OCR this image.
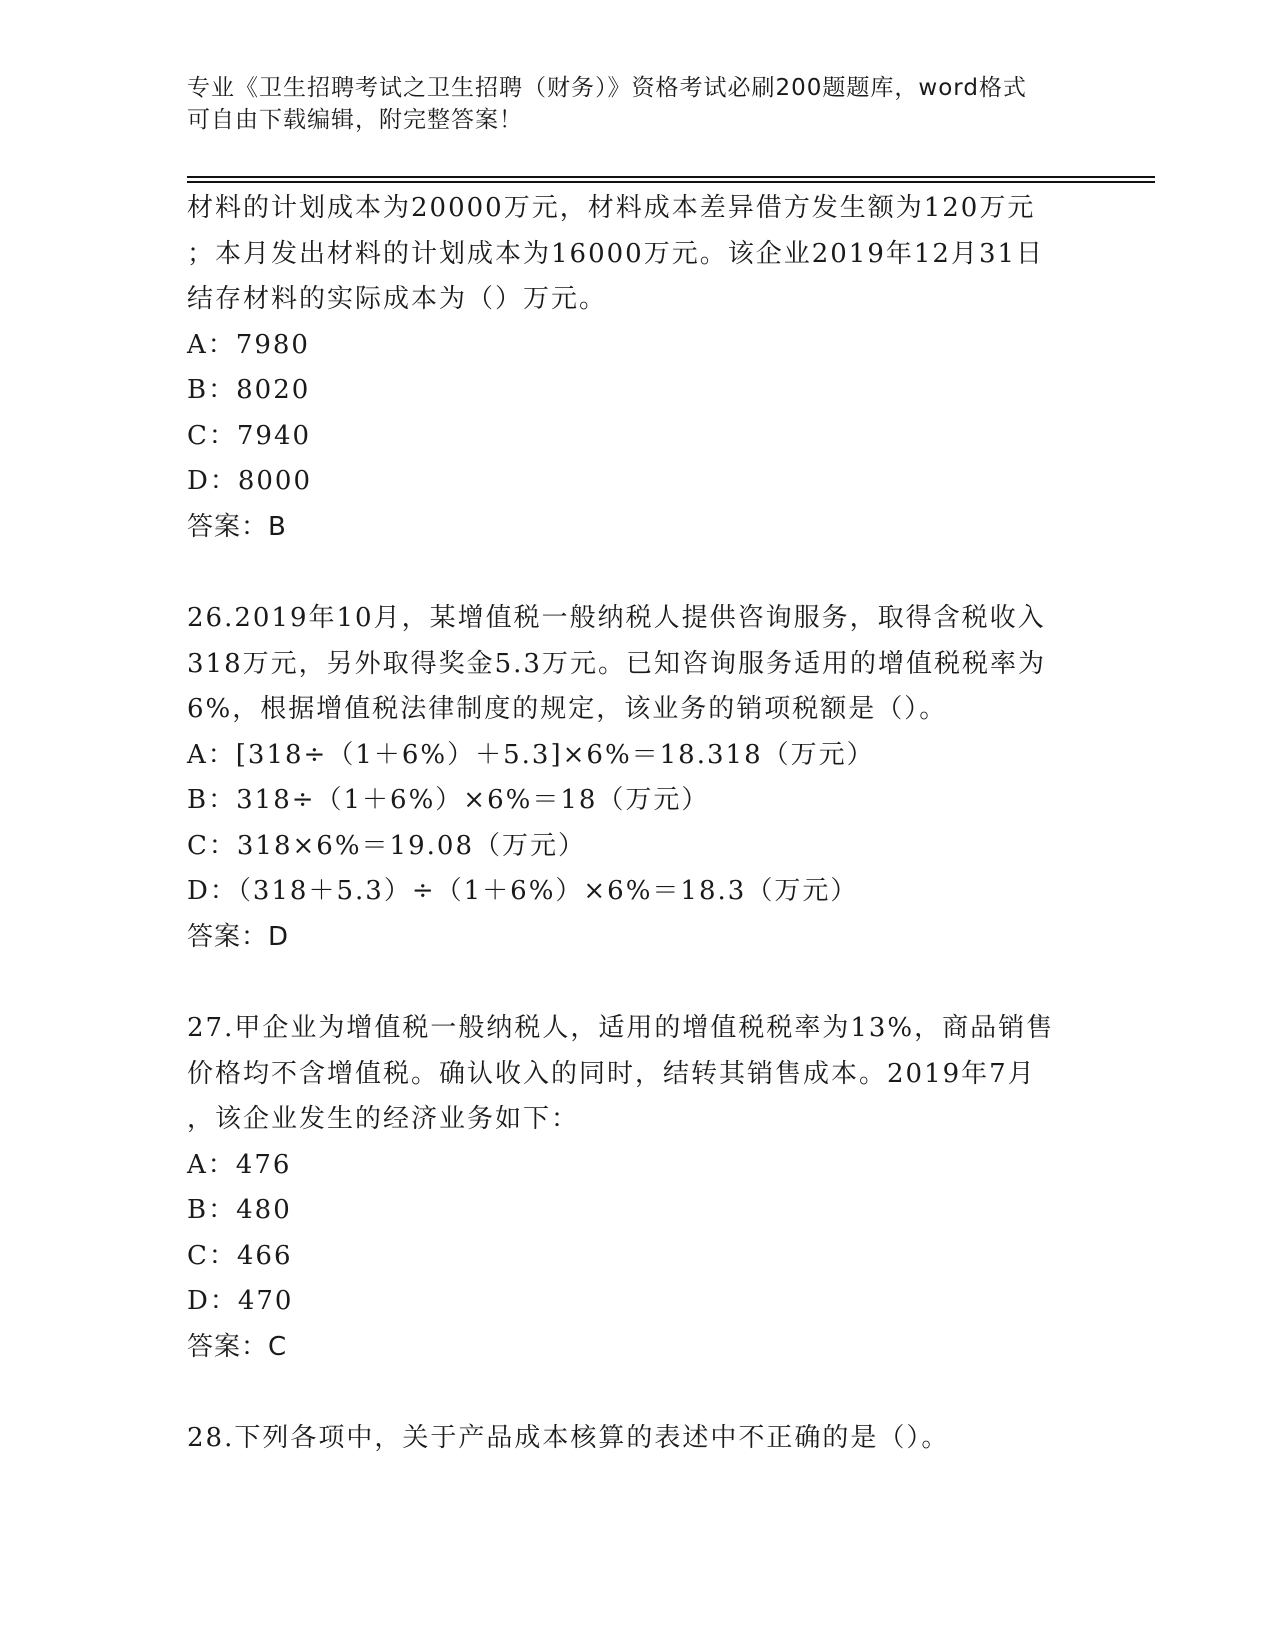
专业《卫生招聘考试之卫生招聘（财务）》资格考试必刷200题题库，word格式
可自由下载编辑，附完整答案！
材料的计划成本为20000万元，材料成本差异借方发生额为120万元
；本月发出材料的计划成本为16000万元。该企业2019年12月31日
结存材料的实际成本为（）万元。
A：7980
B：8020
C：7940
D：8000
答案：B
26.2019年10月，某增值税一般纳税人提供咨询服务，取得含税收入
318万元，另外取得奖金5.3万元。已知咨询服务适用的增值税税率为
6%，根据增值税法律制度的规定，该业务的销项税额是（）。
A：[318÷（1＋6%）＋5.3]×6%＝18.318（万元）
B：318÷（1＋6%）×6%＝18（万元）
C：318×6%＝19.08（万元）
D：（318＋5.3）÷（1＋6%）×6%＝18.3（万元）
答案：D
27.甲企业为增值税一般纳税人，适用的增值税税率为13%，商品销售
价格均不含增值税。确认收入的同时，结转其销售成本。2019年7月
，该企业发生的经济业务如下：
A：476
B：480
C：466
D：470
答案：C
28.下列各项中，关于产品成本核算的表述中不正确的是（）。
